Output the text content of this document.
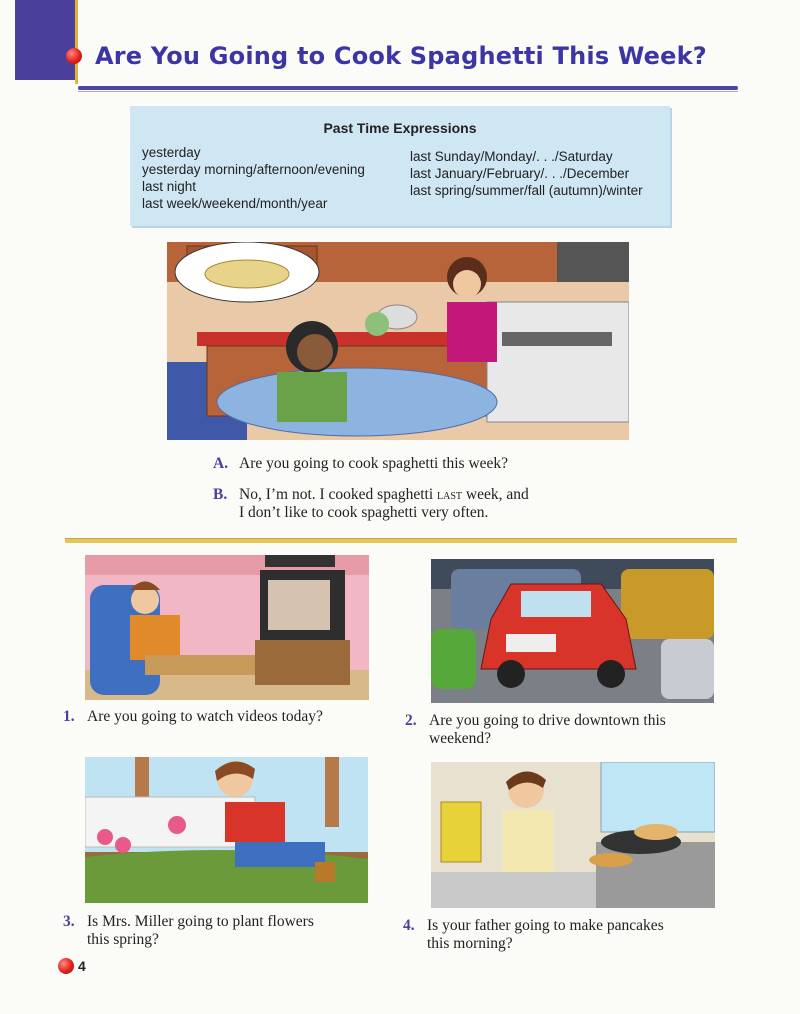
Are You Going to Cook Spaghetti This Week?
Past Time Expressions
yesterday
yesterday morning/afternoon/evening
last night
last week/weekend/month/year
last Sunday/Monday/. . ./Saturday
last January/February/. . ./December
last spring/summer/fall (autumn)/winter
A. Are you going to cook spaghetti this week?
B. No, I’m not. I cooked spaghetti last week, and
I don’t like to cook spaghetti very often.
1. Are you going to watch videos today?	2. Are you going to drive downtown this
weekend?
3. Is Mrs. Miller going to plant flowers
this spring?
4. Is your father going to make pancakes
this morning?
4
